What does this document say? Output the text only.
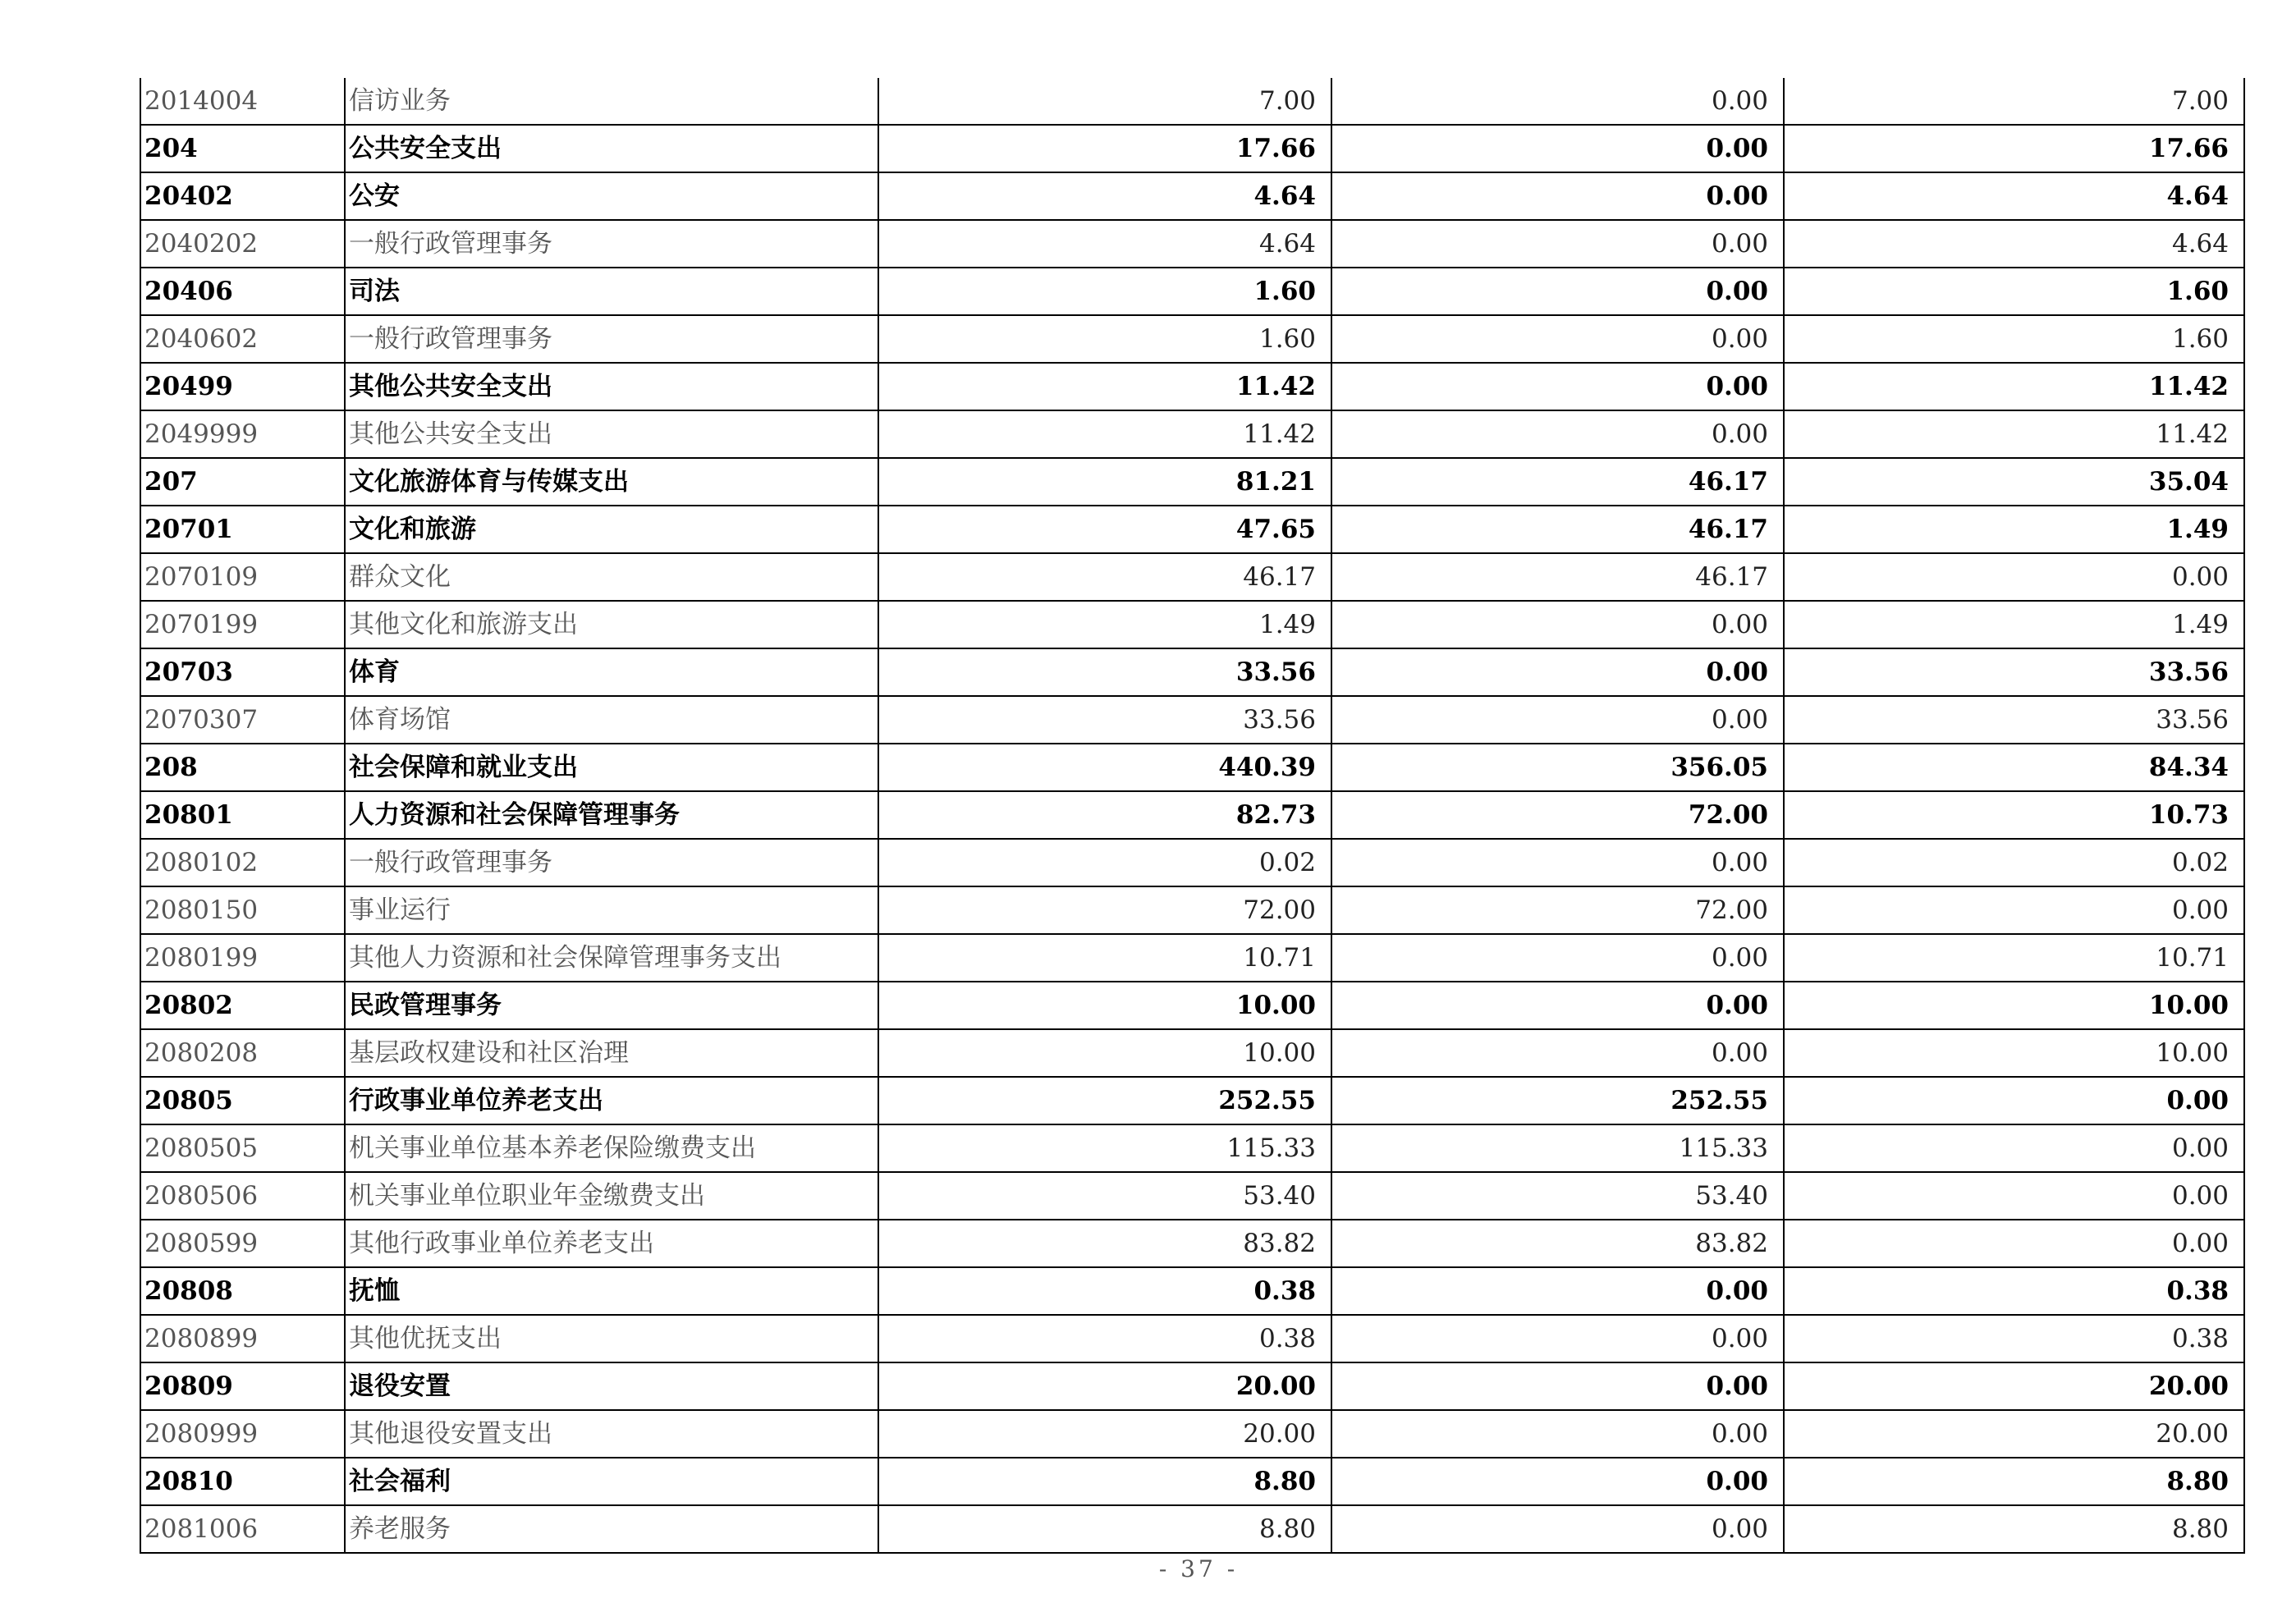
2014004	信访业务	7.00	0.00	7.00
204	公共安全支出	17.66	0.00	17.66
20402	公安	4.64	0.00	4.64
2040202	一般行政管理事务	4.64	0.00	4.64
20406	司法	1.60	0.00	1.60
2040602	一般行政管理事务	1.60	0.00	1.60
20499	其他公共安全支出	11.42	0.00	11.42
2049999	其他公共安全支出	11.42	0.00	11.42
207	文化旅游体育与传媒支出	81.21	46.17	35.04
20701	文化和旅游	47.65	46.17	1.49
2070109	群众文化	46.17	46.17	0.00
2070199	其他文化和旅游支出	1.49	0.00	1.49
20703	体育	33.56	0.00	33.56
2070307	体育场馆	33.56	0.00	33.56
208	社会保障和就业支出	440.39	356.05	84.34
20801	人力资源和社会保障管理事务	82.73	72.00	10.73
2080102	一般行政管理事务	0.02	0.00	0.02
2080150	事业运行	72.00	72.00	0.00
2080199	其他人力资源和社会保障管理事务支出	10.71	0.00	10.71
20802	民政管理事务	10.00	0.00	10.00
2080208	基层政权建设和社区治理	10.00	0.00	10.00
20805	行政事业单位养老支出	252.55	252.55	0.00
2080505	机关事业单位基本养老保险缴费支出	115.33	115.33	0.00
2080506	机关事业单位职业年金缴费支出	53.40	53.40	0.00
2080599	其他行政事业单位养老支出	83.82	83.82	0.00
20808	抚恤	0.38	0.00	0.38
2080899	其他优抚支出	0.38	0.00	0.38
20809	退役安置	20.00	0.00	20.00
2080999	其他退役安置支出	20.00	0.00	20.00
20810	社会福利	8.80	0.00	8.80
2081006	养老服务	8.80	0.00	8.80
- 37 -
